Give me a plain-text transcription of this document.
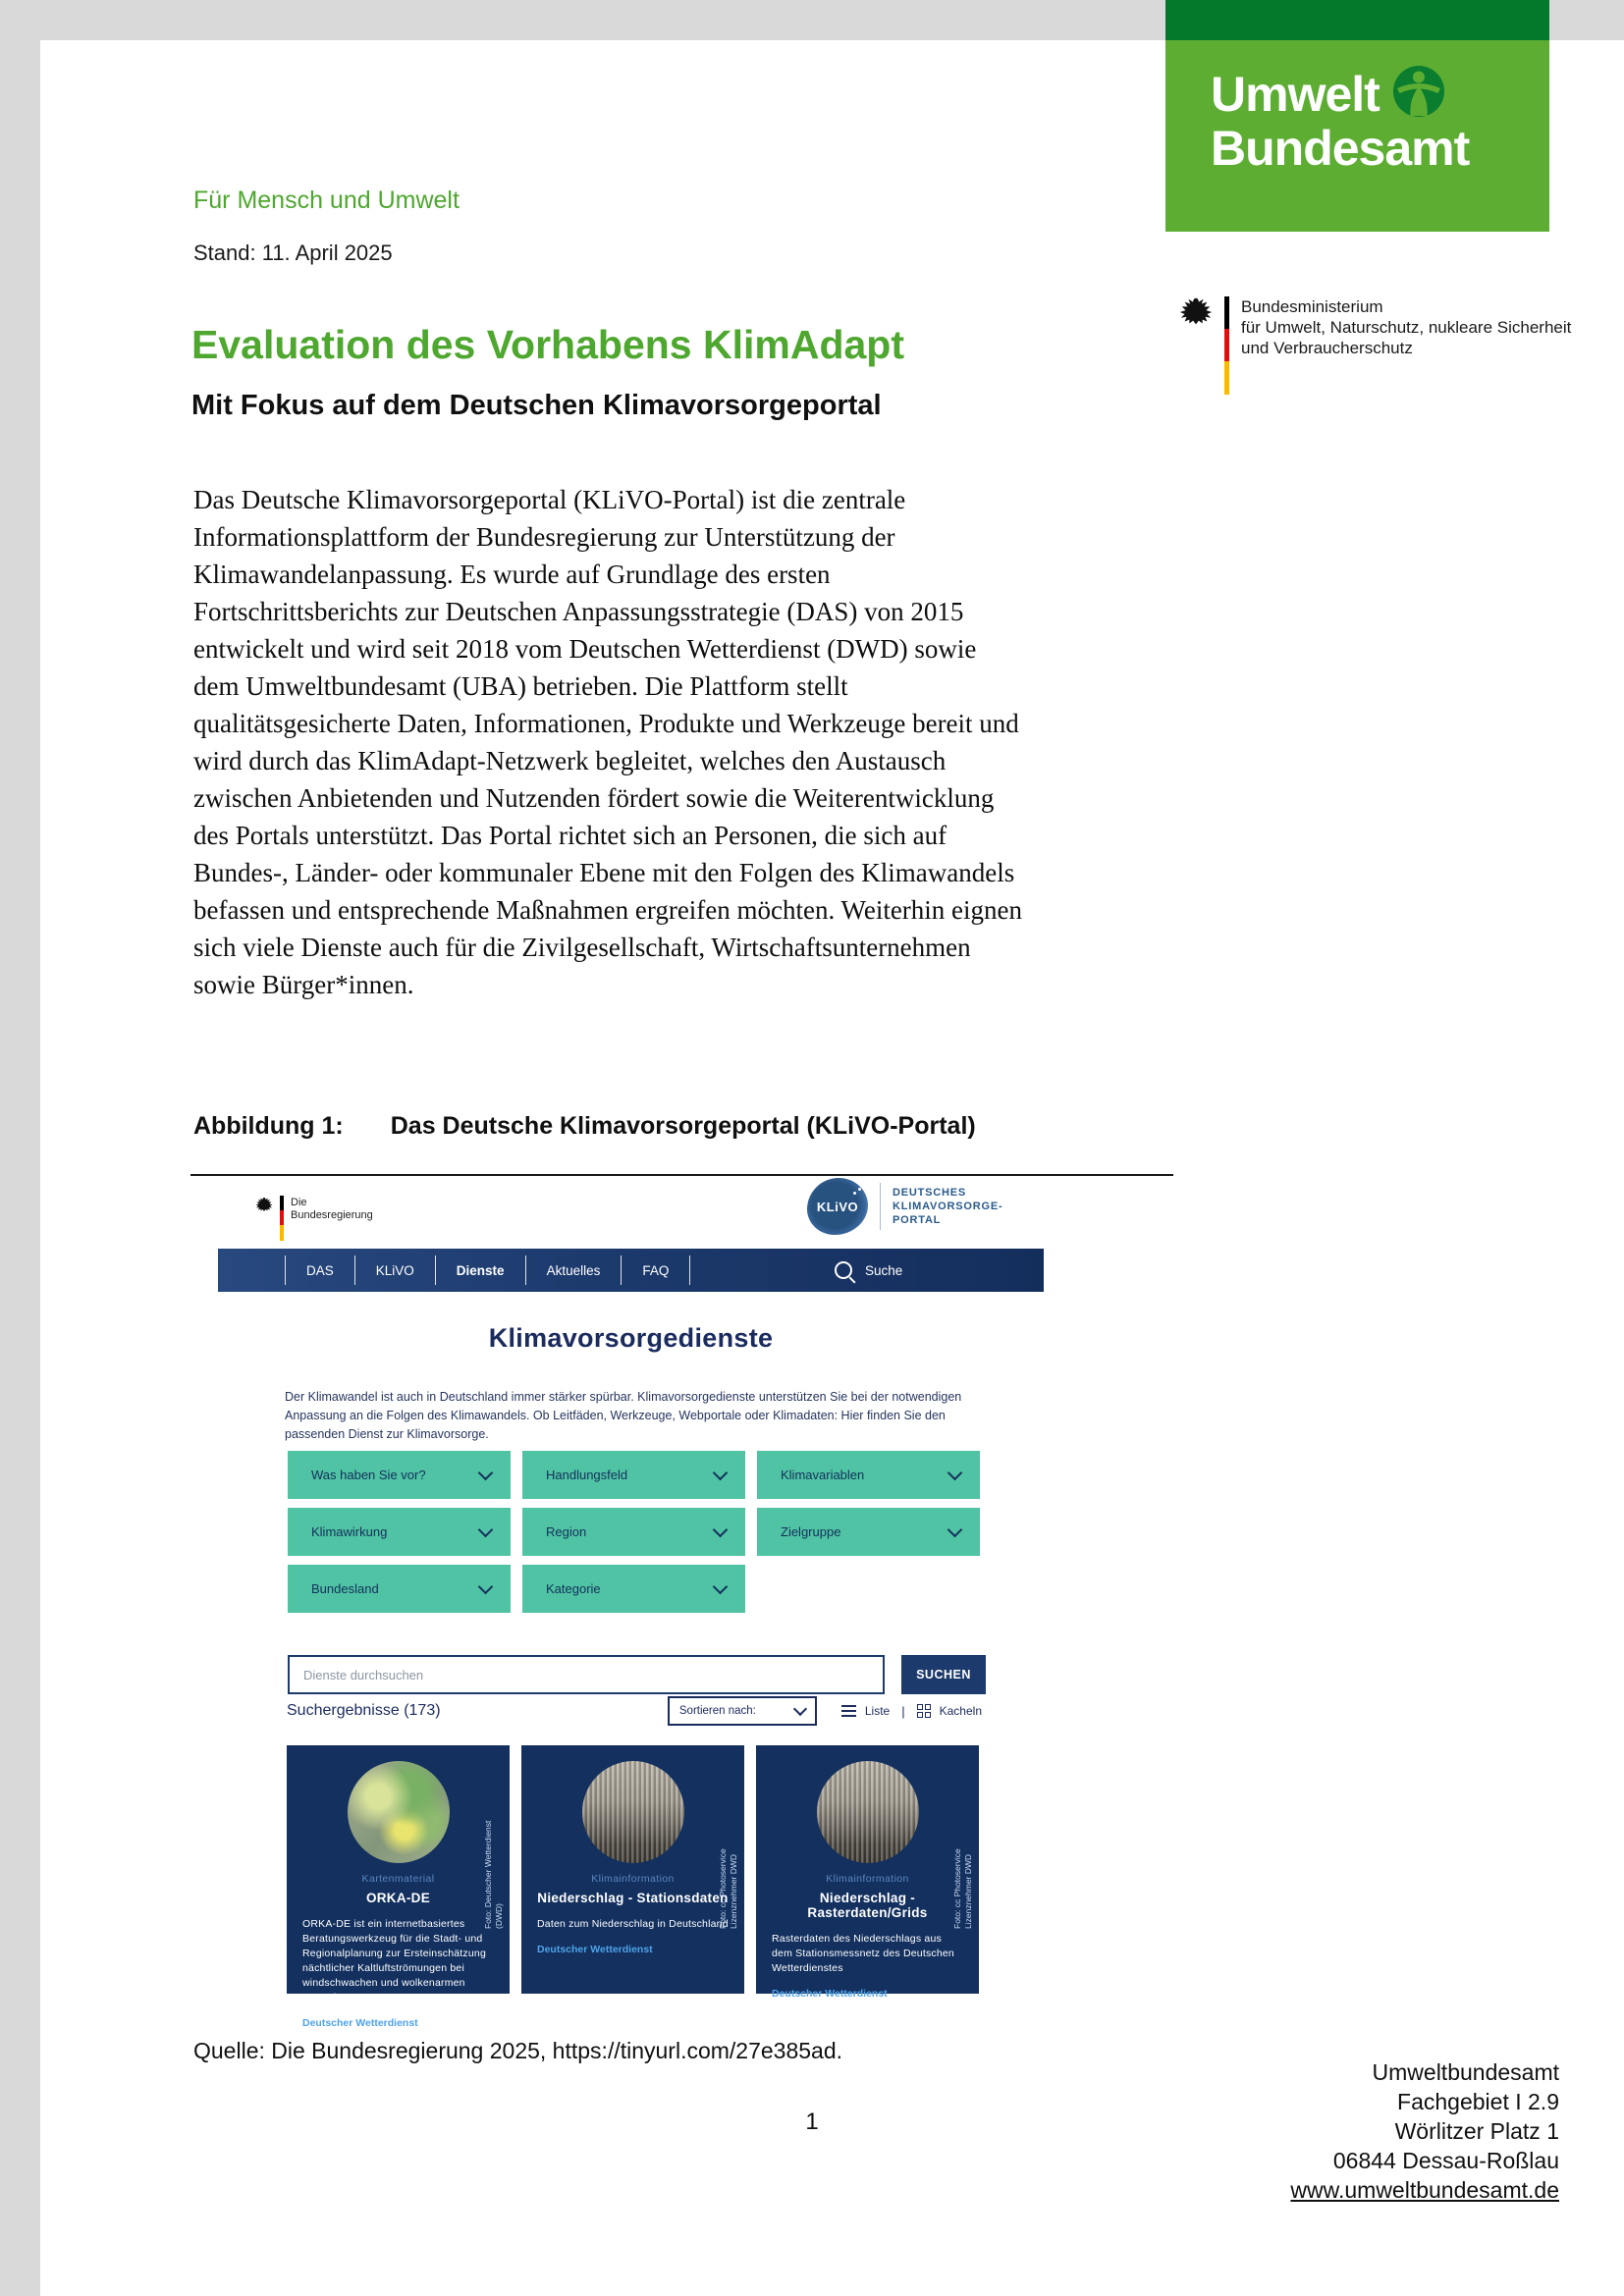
Umwelt
Bundesamt
Für Mensch und Umwelt
Stand: 11. April 2025
Bundesministerium
für Umwelt, Naturschutz, nukleare Sicherheit
und Verbraucherschutz
Evaluation des Vorhabens KlimAdapt
Mit Fokus auf dem Deutschen Klimavorsorgeportal

Das Deutsche Klimavorsorgeportal (KLiVO-Portal) ist die zentrale Informationsplattform der Bundesregierung zur Unterstützung der Klimawandelanpassung. Es wurde auf Grundlage des ersten Fortschrittsberichts zur Deutschen Anpassungsstrategie (DAS) von 2015 entwickelt und wird seit 2018 vom Deutschen Wetterdienst (DWD) sowie dem Umweltbundesamt (UBA) betrieben. Die Plattform stellt qualitätsgesicherte Daten, Informationen, Produkte und Werkzeuge bereit und wird durch das KlimAdapt-Netzwerk begleitet, welches den Austausch zwischen Anbietenden und Nutzenden fördert sowie die Weiterentwicklung des Portals unterstützt. Das Portal richtet sich an Personen, die sich auf Bundes-, Länder- oder kommunaler Ebene mit den Folgen des Klimawandels befassen und entsprechende Maßnahmen ergreifen möchten. Weiterhin eignen sich viele Dienste auch für die Zivilgesellschaft, Wirtschaftsunternehmen sowie Bürger*innen.

Abbildung 1: Das Deutsche Klimavorsorgeportal (KLiVO-Portal)
Die
Bundesregierung
KLiVO
DEUTSCHES
KLIMAVORSORGE-
PORTAL
DAS	KLiVO	Dienste	Aktuelles	FAQ	Suche
Klimavorsorgedienste
Der Klimawandel ist auch in Deutschland immer stärker spürbar. Klimavorsorgedienste unterstützen Sie bei der notwendigen Anpassung an die Folgen des Klimawandels. Ob Leitfäden, Werkzeuge, Webportale oder Klimadaten: Hier finden Sie den passenden Dienst zur Klimavorsorge.
Was haben Sie vor?	Handlungsfeld	Klimavariablen
Klimawirkung	Region	Zielgruppe
Bundesland	Kategorie
Dienste durchsuchen
SUCHEN
Suchergebnisse (173)	Sortieren nach:	Liste |	Kacheln
Kartenmaterial
ORKA-DE
ORKA-DE ist ein internetbasiertes Beratungswerkzeug für die Stadt- und Regionalplanung zur Ersteinschätzung nächtlicher Kaltluftströmungen bei windschwachen und wolkenarmen Wetterlagen.
Deutscher Wetterdienst
Foto: Deutscher Wetterdienst (DWD)
Klimainformation
Niederschlag - Stationsdaten
Daten zum Niederschlag in Deutschland
Deutscher Wetterdienst
Foto: cc Photoservice Lizenznehmer DWD	Klimainformation
Niederschlag - Rasterdaten/Grids
Rasterdaten des Niederschlags aus dem Stationsmessnetz des Deutschen Wetterdienstes
Deutscher Wetterdienst
Foto: cc Photoservice Lizenznehmer DWD
Quelle: Die Bundesregierung 2025, https://tinyurl.com/27e385ad.
1
Umweltbundesamt
Fachgebiet I 2.9
Wörlitzer Platz 1
06844 Dessau-Roßlau
www.umweltbundesamt.de
